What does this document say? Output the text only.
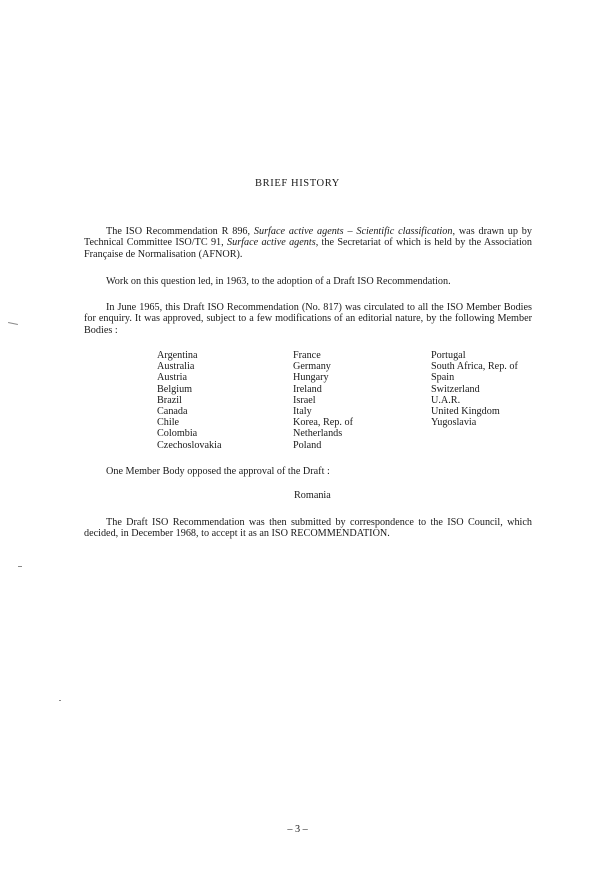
BRIEF HISTORY

The ISO Recommendation R 896, Surface active agents – Scientific classification, was drawn up by Technical Committee ISO/TC 91, Surface active agents, the Secretariat of which is held by the Association Française de Normalisation (AFNOR).

Work on this question led, in 1963, to the adoption of a Draft ISO Recommendation.

In June 1965, this Draft ISO Recommendation (No. 817) was circulated to all the ISO Member Bodies for enquiry. It was approved, subject to a few modifications of an editorial nature, by the following Member Bodies :

Argentina
Australia
Austria
Belgium
Brazil
Canada
Chile
Colombia
Czechoslovakia
France
Germany
Hungary
Ireland
Israel
Italy
Korea, Rep. of
Netherlands
Poland
Portugal
South Africa, Rep. of
Spain
Switzerland
U.A.R.
United Kingdom
Yugoslavia

One Member Body opposed the approval of the Draft :

Romania

The Draft ISO Recommendation was then submitted by correspondence to the ISO Council, which decided, in December 1968, to accept it as an ISO RECOMMENDATION.

– 3 –
